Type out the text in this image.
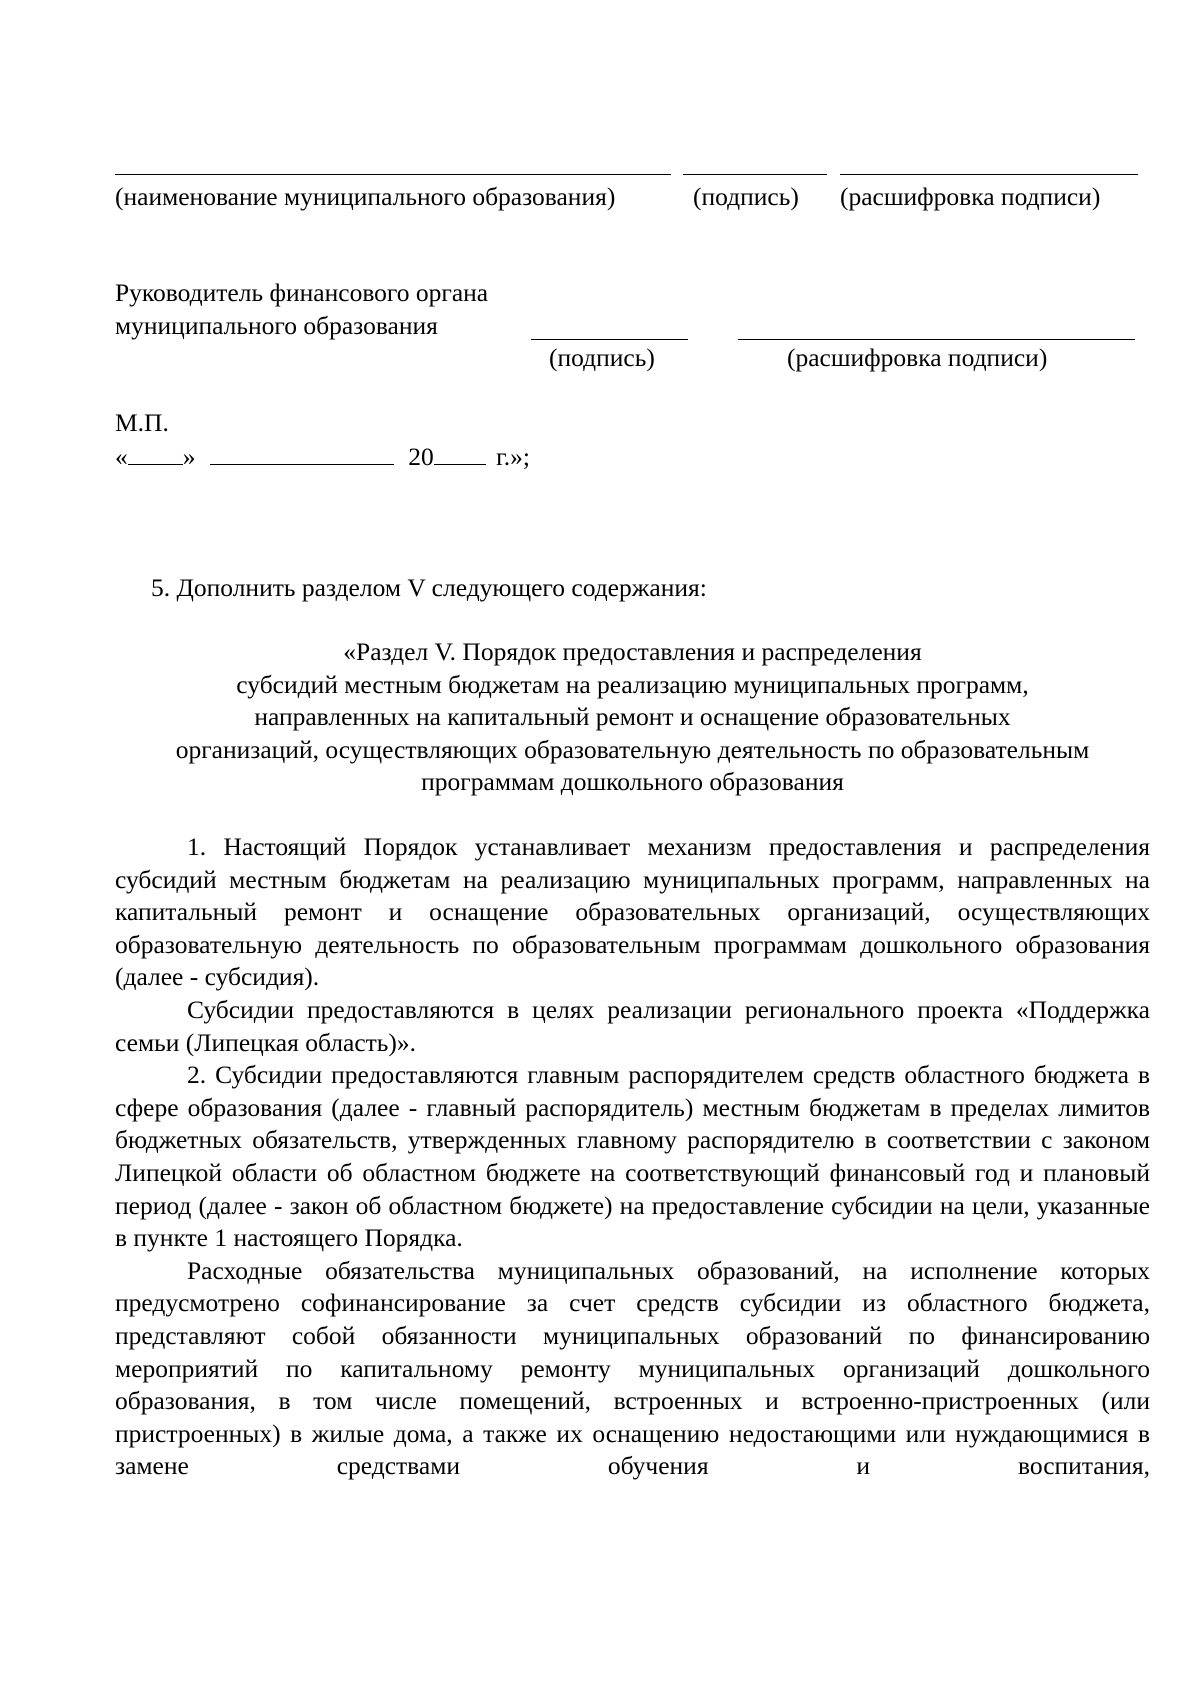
(наименование муниципального образования)	(подпись) (расшифровка подписи)
Руководитель финансового органа
муниципального образования
(подпись)	(расшифровка подписи)
М.П.
« »	20 г.»;
5. Дополнить разделом V следующего содержания:
«Раздел V. Порядок предоставления и распределения
субсидий местным бюджетам на реализацию муниципальных программ,
направленных на капитальный ремонт и оснащение образовательных
организаций, осуществляющих образовательную деятельность по образовательным
программам дошкольного образования

1. Настоящий Порядок устанавливает механизм предоставления и распределения субсидий местным бюджетам на реализацию муниципальных программ, направленных на капитальный ремонт и оснащение образовательных организаций, осуществляющих образовательную деятельность по образовательным программам дошкольного образования (далее - субсидия).

Субсидии предоставляются в целях реализации регионального проекта «Поддержка семьи (Липецкая область)».

2. Субсидии предоставляются главным распорядителем средств областного бюджета в сфере образования (далее - главный распорядитель) местным бюджетам в пределах лимитов бюджетных обязательств, утвержденных главному распорядителю в соответствии с законом Липецкой области об областном бюджете на соответствующий финансовый год и плановый период (далее - закон об областном бюджете) на предоставление субсидии на цели, указанные в пункте 1 настоящего Порядка.

Расходные обязательства муниципальных образований, на исполнение которых предусмотрено софинансирование за счет средств субсидии из областного бюджета, представляют собой обязанности муниципальных образований по финансированию мероприятий по капитальному ремонту муниципальных организаций дошкольного образования, в том числе помещений, встроенных и встроенно-пристроенных (или пристроенных) в жилые дома, а также их оснащению недостающими или нуждающимися в замене средствами обучения и воспитания,
